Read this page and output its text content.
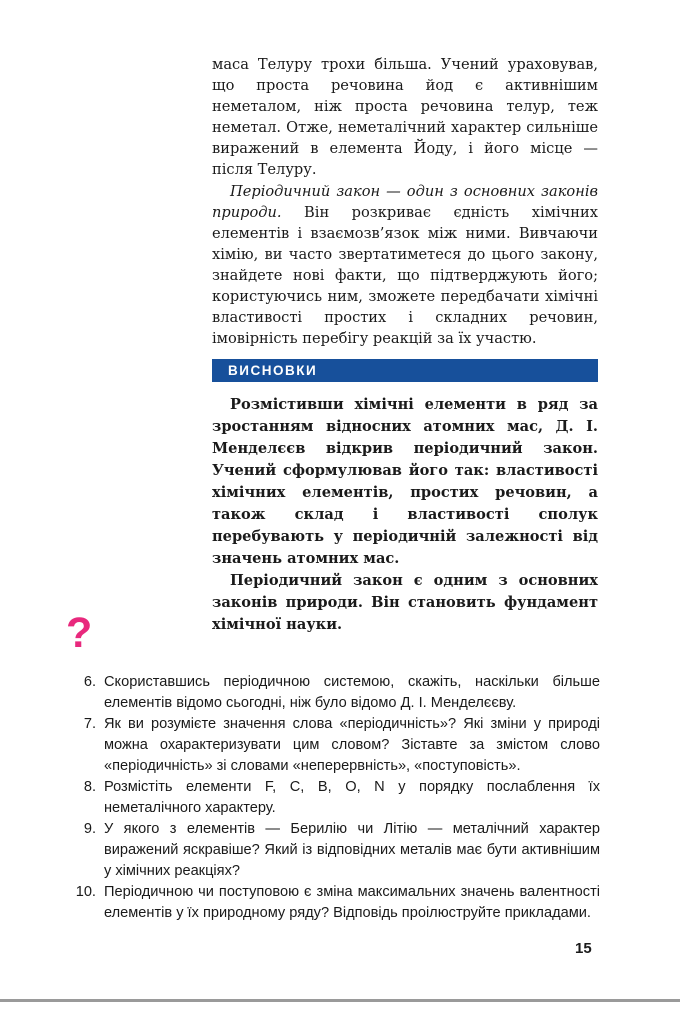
маса Телуру трохи більша. Учений ураховував, що проста речовина йод є активнішим неметалом, ніж проста речовина телур, теж неметал. Отже, неметалічний характер сильніше виражений в елемента Йоду, і його місце — після Телуру.

Періодичний закон — один з основних законів природи. Він розкриває єдність хімічних елементів і взаємозв’язок між ними. Вивчаючи хімію, ви часто звертатиметеся до цього закону, знайдете нові факти, що підтверджують його; користуючись ним, зможете передбачати хімічні властивості простих і складних речовин, імовірність перебігу реакцій за їх участю.

ВИСНОВКИ

Розмістивши хімічні елементи в ряд за зростанням відносних атомних мас, Д. І. Менделєєв відкрив періодичний закон. Учений сформулював його так: властивості хімічних елементів, простих речовин, а також склад і властивості сполук перебувають у періодичній залежності від значень атомних мас.

Періодичний закон є одним з основних законів природи. Він становить фундамент хімічної науки.

?
6. Скориставшись періодичною системою, скажіть, наскільки більше елементів відомо сьогодні, ніж було відомо Д. І. Менделєєву.
7. Як ви розумієте значення слова «періодичність»? Які зміни у природі можна охарактеризувати цим словом? Зіставте за змістом слово «періодичність» зі словами «неперервність», «поступовість».
8. Розмістіть елементи F, C, B, O, N у порядку послаблення їх неметалічного характеру.
9. У якого з елементів — Берилію чи Літію — металічний характер виражений яскравіше? Який із відповідних металів має бути активнішим у хімічних реакціях?
10. Періодичною чи поступовою є зміна максимальних значень валентності елементів у їх природному ряду? Відповідь проілюструйте прикладами.
15
